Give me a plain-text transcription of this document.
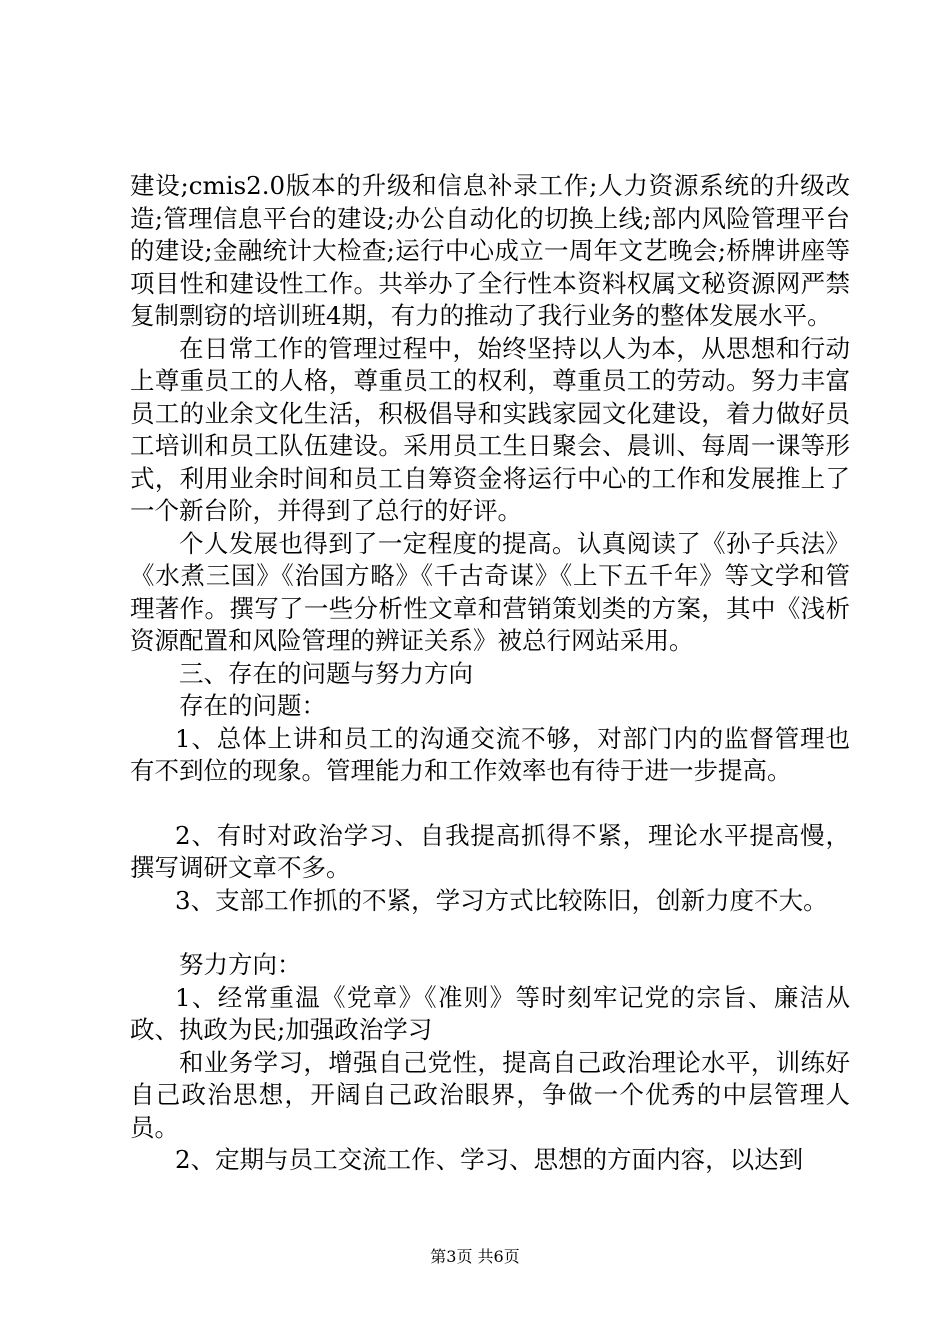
建设;cmis2.0版本的升级和信息补录工作;人力资源系统的升级改造;管理信息平台的建设;办公自动化的切换上线;部内风险管理平台的建设;金融统计大检查;运行中心成立一周年文艺晚会;桥牌讲座等项目性和建设性工作。共举办了全行性本资料权属文秘资源网严禁复制剽窃的培训班4期，有力的推动了我行业务的整体发展水平。

在日常工作的管理过程中，始终坚持以人为本，从思想和行动上尊重员工的人格，尊重员工的权利，尊重员工的劳动。努力丰富员工的业余文化生活，积极倡导和实践家园文化建设，着力做好员工培训和员工队伍建设。采用员工生日聚会、晨训、每周一课等形式，利用业余时间和员工自筹资金将运行中心的工作和发展推上了一个新台阶，并得到了总行的好评。

个人发展也得到了一定程度的提高。认真阅读了《孙子兵法》《水煮三国》《治国方略》《千古奇谋》《上下五千年》等文学和管理著作。撰写了一些分析性文章和营销策划类的方案，其中《浅析资源配置和风险管理的辨证关系》被总行网站采用。

三、存在的问题与努力方向

存在的问题：

1、总体上讲和员工的沟通交流不够，对部门内的监督管理也有不到位的现象。管理能力和工作效率也有待于进一步提高。

2、有时对政治学习、自我提高抓得不紧，理论水平提高慢，撰写调研文章不多。

3、支部工作抓的不紧，学习方式比较陈旧，创新力度不大。

努力方向：

1、经常重温《党章》《准则》等时刻牢记党的宗旨、廉洁从政、执政为民;加强政治学习

和业务学习，增强自己党性，提高自己政治理论水平，训练好自己政治思想，开阔自己政治眼界，争做一个优秀的中层管理人员。

2、定期与员工交流工作、学习、思想的方面内容，以达到

第3页 共6页
